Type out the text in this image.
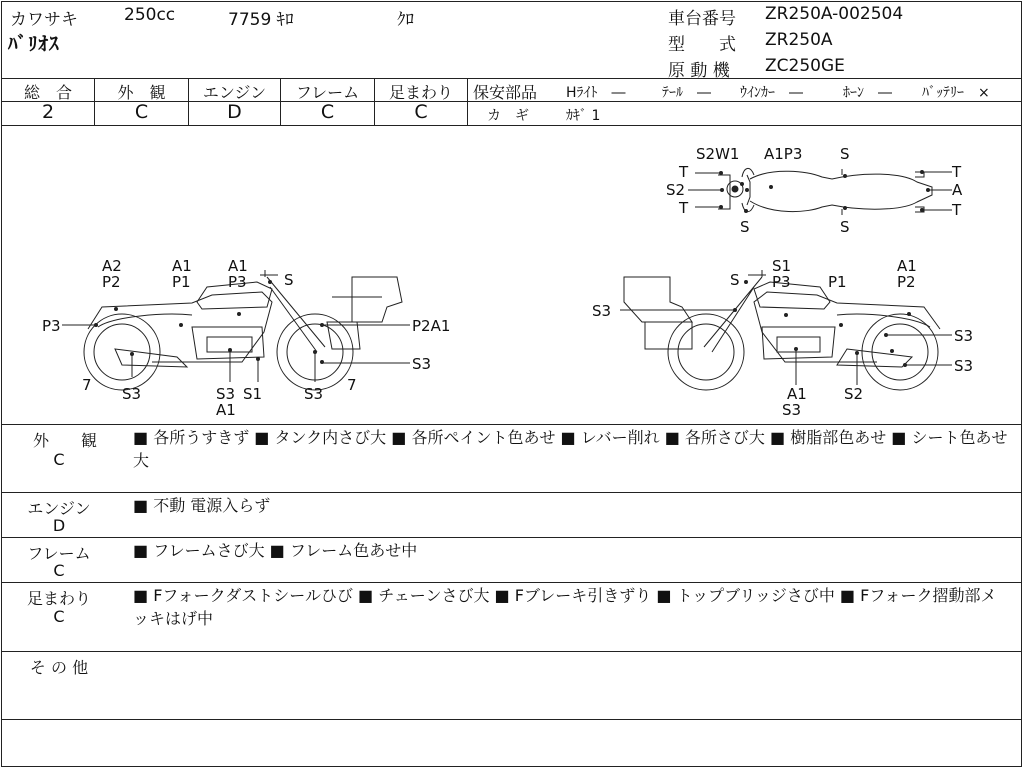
カワサキ	250cc	7759 ｷﾛ	ｸﾛ
ﾊﾞﾘｵｽ
車台番号 ZR250A-002504
型　　式 ZR250A
原 動 機 ZC250GE
総　合	外　観	エンジン	フレーム	足まわり
2	C	D	C	C
保安部品 Hﾗｲﾄ　―	ﾃｰﾙ　― ｳｲﾝｶｰ　―	ﾎｰﾝ　― ﾊﾞｯﾃﾘｰ　×
カ　ギ	ｶｷﾞ 1
S2W1 A1P3	S
T
S2
T
S	S
T
A
T
A2
P2
A1
P1
A1
P3 S
P3	P2A1
S3
7 S3	S3
A1
S1	S3 7
S
S1
P3 P1
A1
P2
S3
S3
S3
A1
S3
S2
外　　観
C
■ 各所うすきず ■ タンク内さび大 ■ 各所ペイント色あせ ■ レバー削れ ■ 各所さび大 ■ 樹脂部色あせ ■ シート色あせ大
エンジン
D
■ 不動 電源入らず
フレーム
C
■ フレームさび大 ■ フレーム色あせ中
足まわり
C
■ Fフォークダストシールひび ■ チェーンさび大 ■ Fブレーキ引きずり ■ トップブリッジさび中 ■ Fフォーク摺動部メッキはげ中
そ の 他
